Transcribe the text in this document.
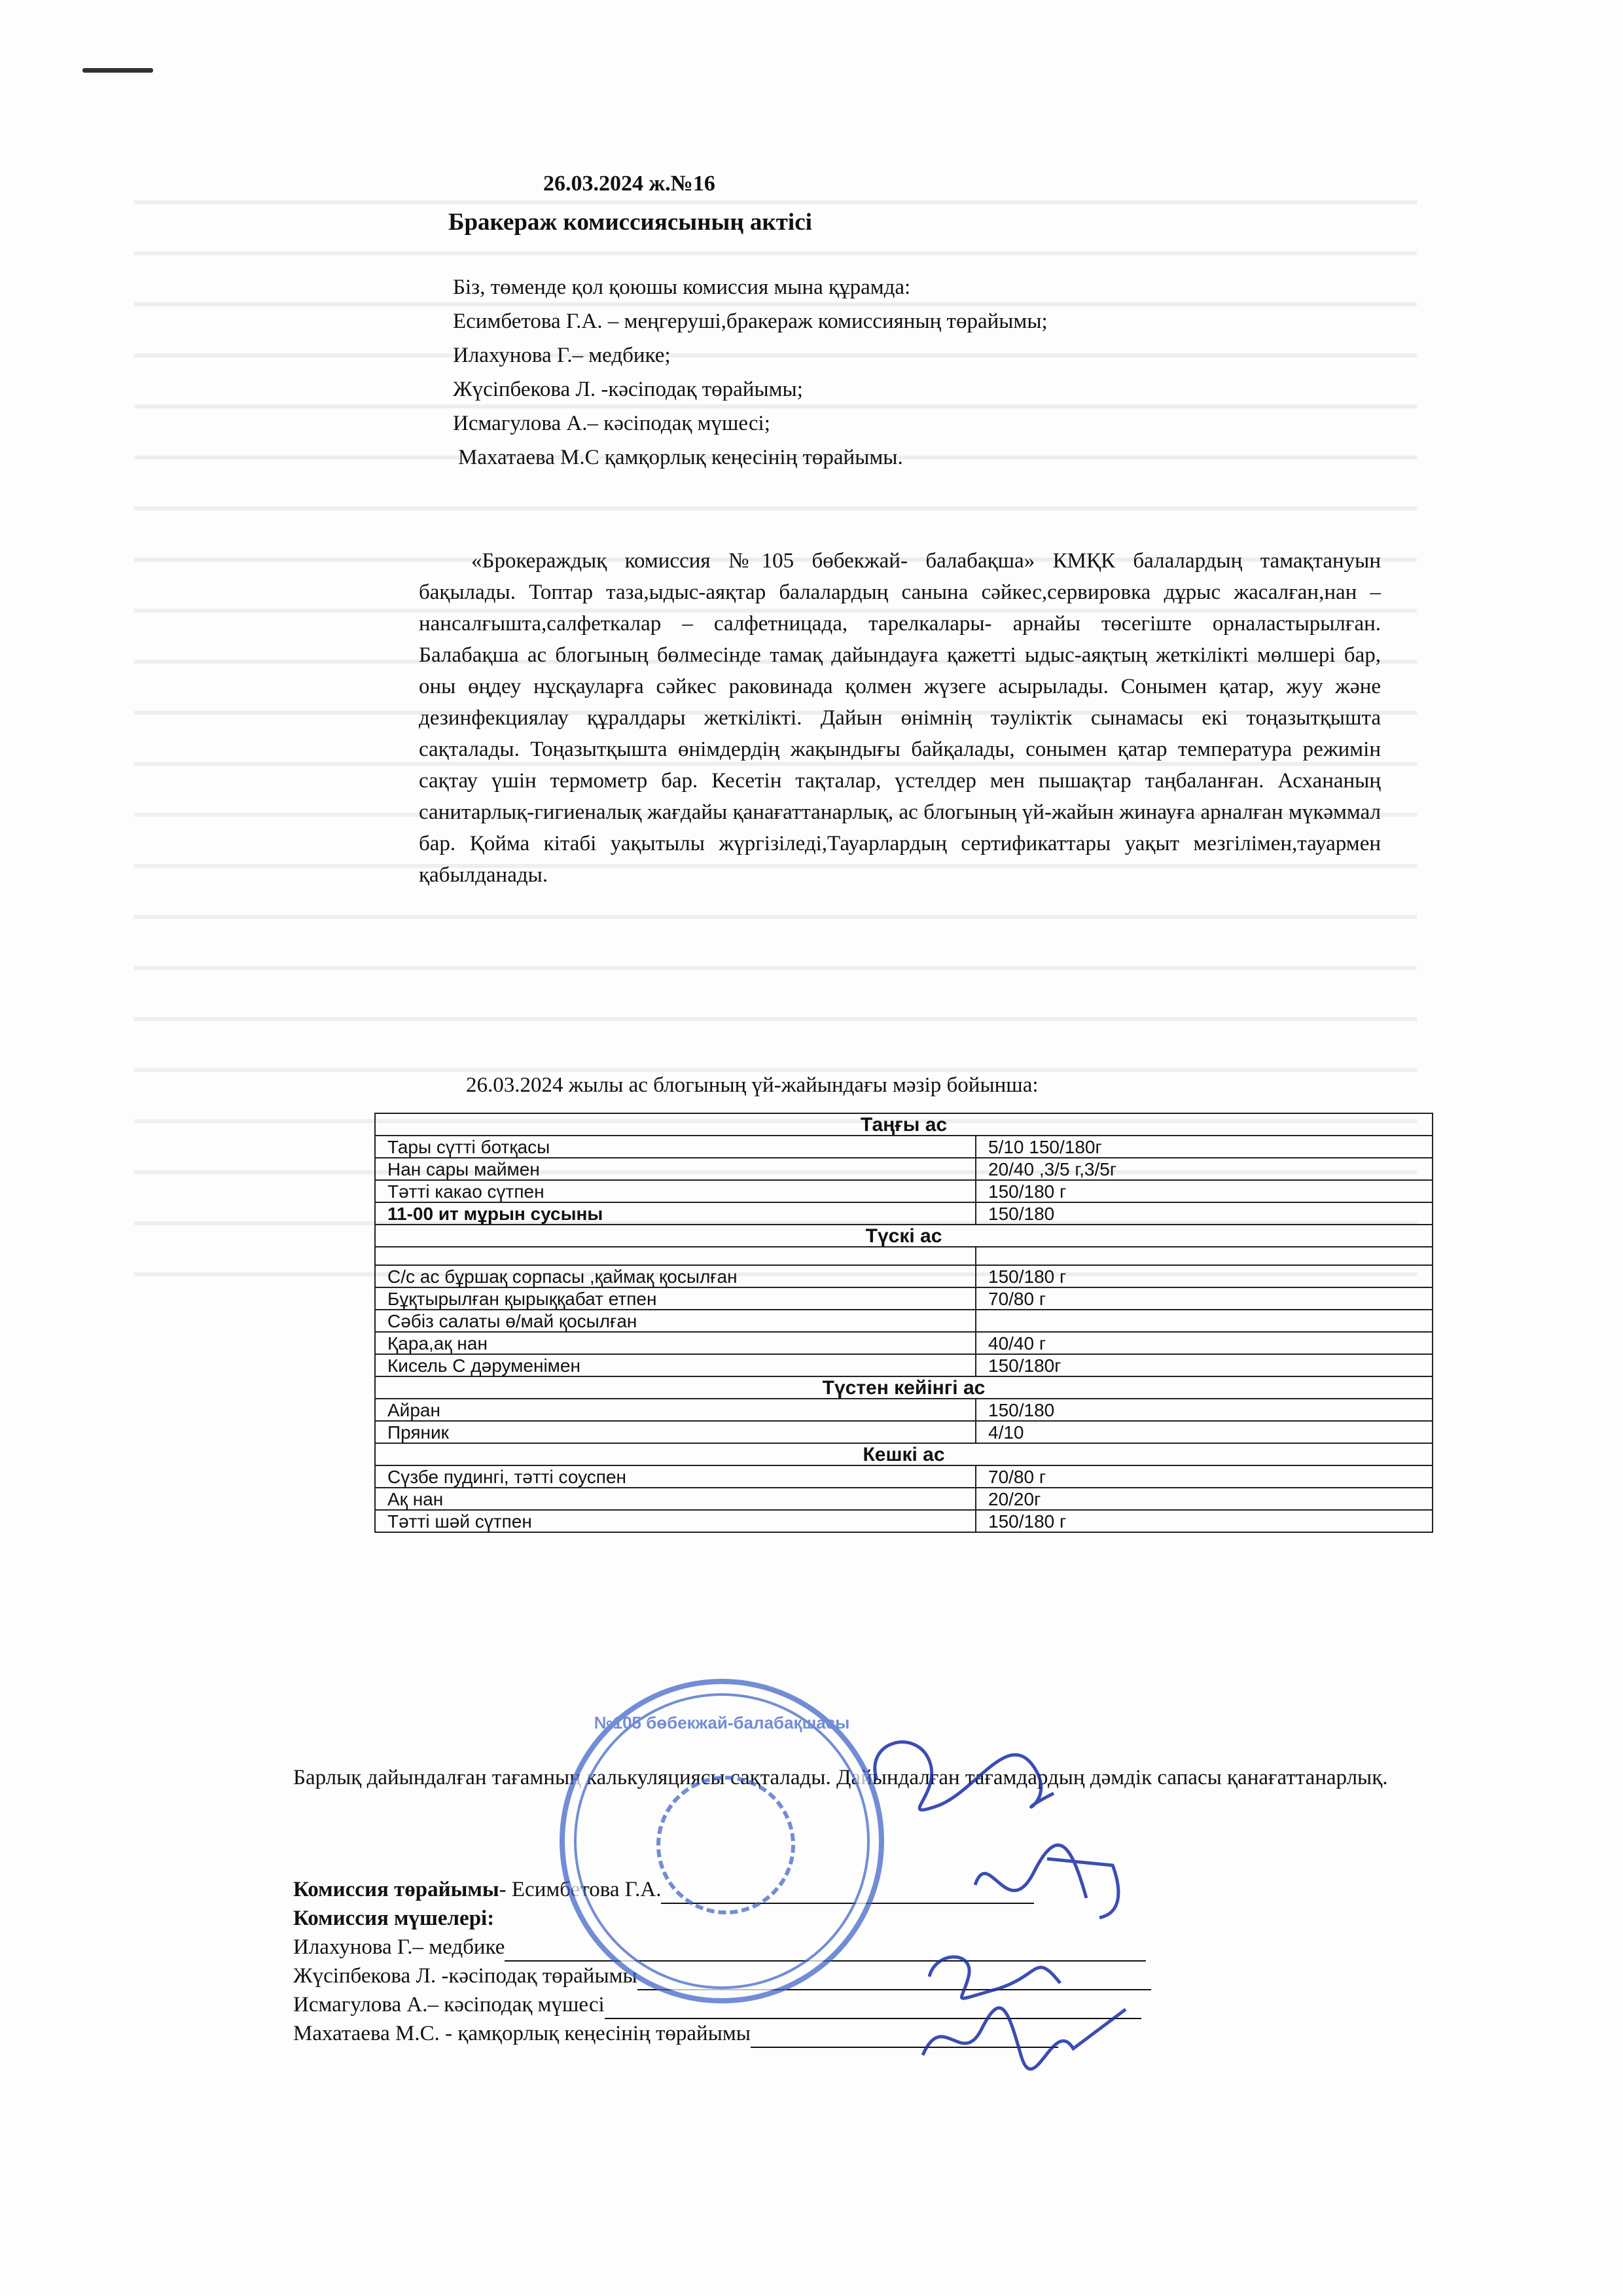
26.03.2024 ж.№16
Бракераж комиссиясының актісі
Біз, төменде қол қоюшы комиссия мына құрамда:
Есимбетова Г.А. – меңгеруші,бракераж комиссияның төрайымы;
Илахунова Г.– медбике;
Жүсіпбекова Л. -кәсіподақ төрайымы;
Исмагулова А.– кәсіподақ мүшесі;
Махатаева М.С қамқорлық кеңесінің төрайымы.
«Брокераждық комиссия №105 бөбекжай- балабақша» КМҚК балалардың тамақтануын бақылады. Топтар таза,ыдыс-аяқтар балалардың санына сәйкес,сервировка дұрыс жасалған,нан –нансалғышта,салфеткалар – салфетницада, тарелкалары- арнайы төсегіште орналастырылған. Балабақша ас блогының бөлмесінде тамақ дайындауға қажетті ыдыс-аяқтың жеткілікті мөлшері бар, оны өңдеу нұсқауларға сәйкес раковинада қолмен жүзеге асырылады. Сонымен қатар, жуу және дезинфекциялау құралдары жеткілікті. Дайын өнімнің тәуліктік сынамасы екі тоңазытқышта сақталады. Тоңазытқышта өнімдердің жақындығы байқалады, сонымен қатар температура режимін сақтау үшін термометр бар. Кесетін тақталар, үстелдер мен пышақтар таңбаланған. Асхананың санитарлық-гигиеналық жағдайы қанағаттанарлық, ас блогының үй-жайын жинауға арналған мүкәммал бар. Қойма кітабі уақытылы жүргізіледі,Тауарлардың сертификаттары уақыт мезгілімен,тауармен қабылданады.
26.03.2024 жылы ас блогының үй-жайындағы мәзір бойынша:
Таңғы ас	
Тары сүтті ботқасы	5/10 150/180г
Нан сары маймен	20/40 ,3/5 г,3/5г
Тәтті какао сүтпен	150/180 г
11-00 ит мұрын сусыны	150/180
Түскі ас	

С/с ас бұршақ сорпасы ,қаймақ қосылған	150/180 г
Бұқтырылған қырыққабат етпен	70/80 г
Сәбіз салаты ө/май қосылған	
Қара,ақ нан	40/40 г
Кисель С дәруменімен	150/180г
Түстен кейінгі ас	
Айран	150/180
Пряник	4/10
Кешкі ас	
Сүзбе пудингі, тәтті соуспен	70/80 г
Ақ нан	20/20г
Тәтті шәй сүтпен	150/180 г
Барлық дайындалған тағамның калькуляциясы сақталады. Дайындалған тағамдардың дәмдік сапасы қанағаттанарлық.
Комиссия төрайымы - Есимбетова Г.А.
Комиссия мүшелері:
Илахунова Г.– медбике
Жүсіпбекова Л. -кәсіподақ төрайымы
Исмагулова А.– кәсіподақ мүшесі
Махатаева М.С. - қамқорлық кеңесінің төрайымы
№105 бөбекжай-балабақшасы
